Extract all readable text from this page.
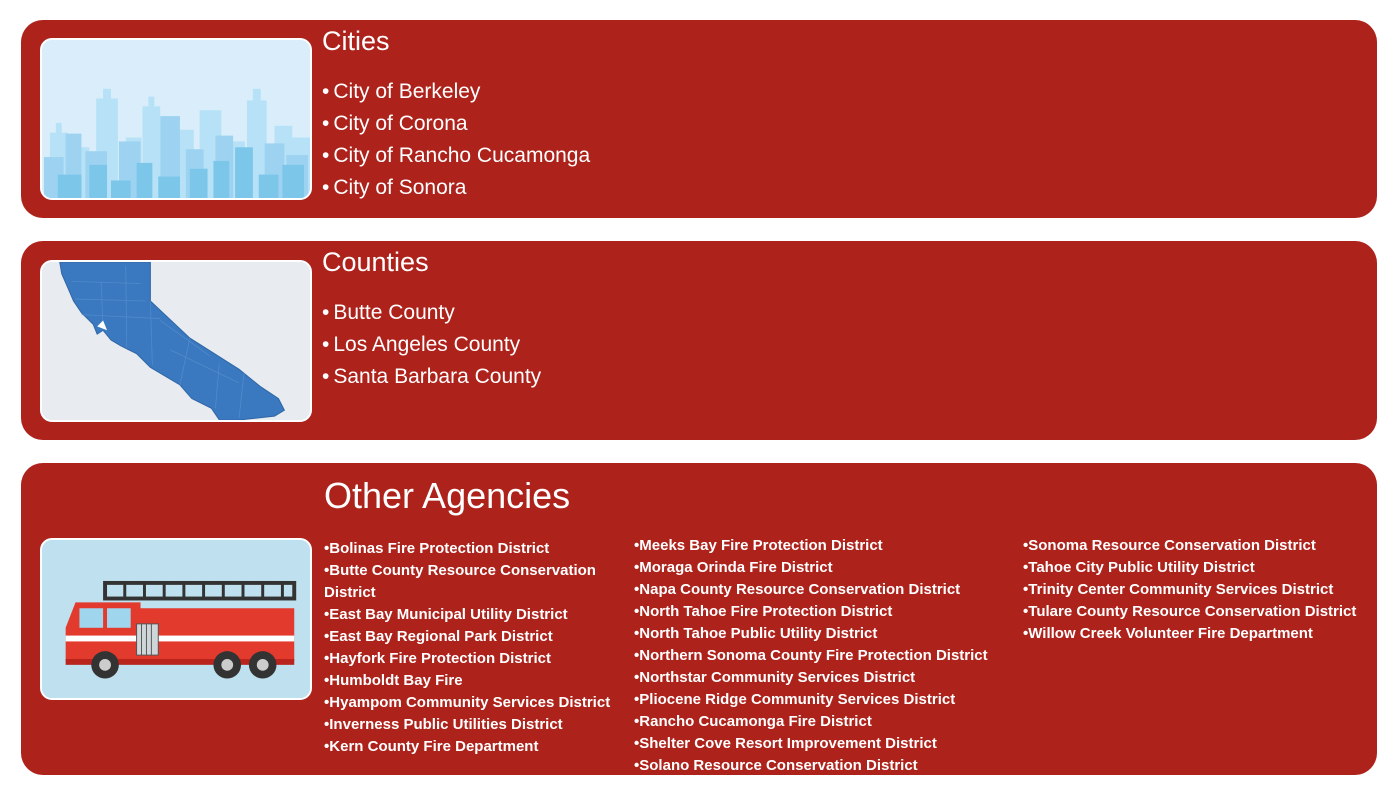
Cities
• City of Berkeley
• City of Corona
• City of Rancho Cucamonga
• City of Sonora
Counties
• Butte County
• Los Angeles County
• Santa Barbara County
Other Agencies
• Bolinas Fire Protection District
• Butte County Resource Conservation District
• East Bay Municipal Utility District
• East Bay Regional Park District
• Hayfork Fire Protection District
• Humboldt Bay Fire
• Hyampom Community Services District
• Inverness Public Utilities District
• Kern County Fire Department
• Meeks Bay Fire Protection District
• Moraga Orinda Fire District
• Napa County Resource Conservation District
• North Tahoe Fire Protection District
• North Tahoe Public Utility District
• Northern Sonoma County Fire Protection District
• Northstar Community Services District
• Pliocene Ridge Community Services District
• Rancho Cucamonga Fire District
• Shelter Cove Resort Improvement District
• Solano Resource Conservation District
• Sonoma Resource Conservation District
• Tahoe City Public Utility District
• Trinity Center Community Services District
• Tulare County Resource Conservation District
• Willow Creek Volunteer Fire Department
